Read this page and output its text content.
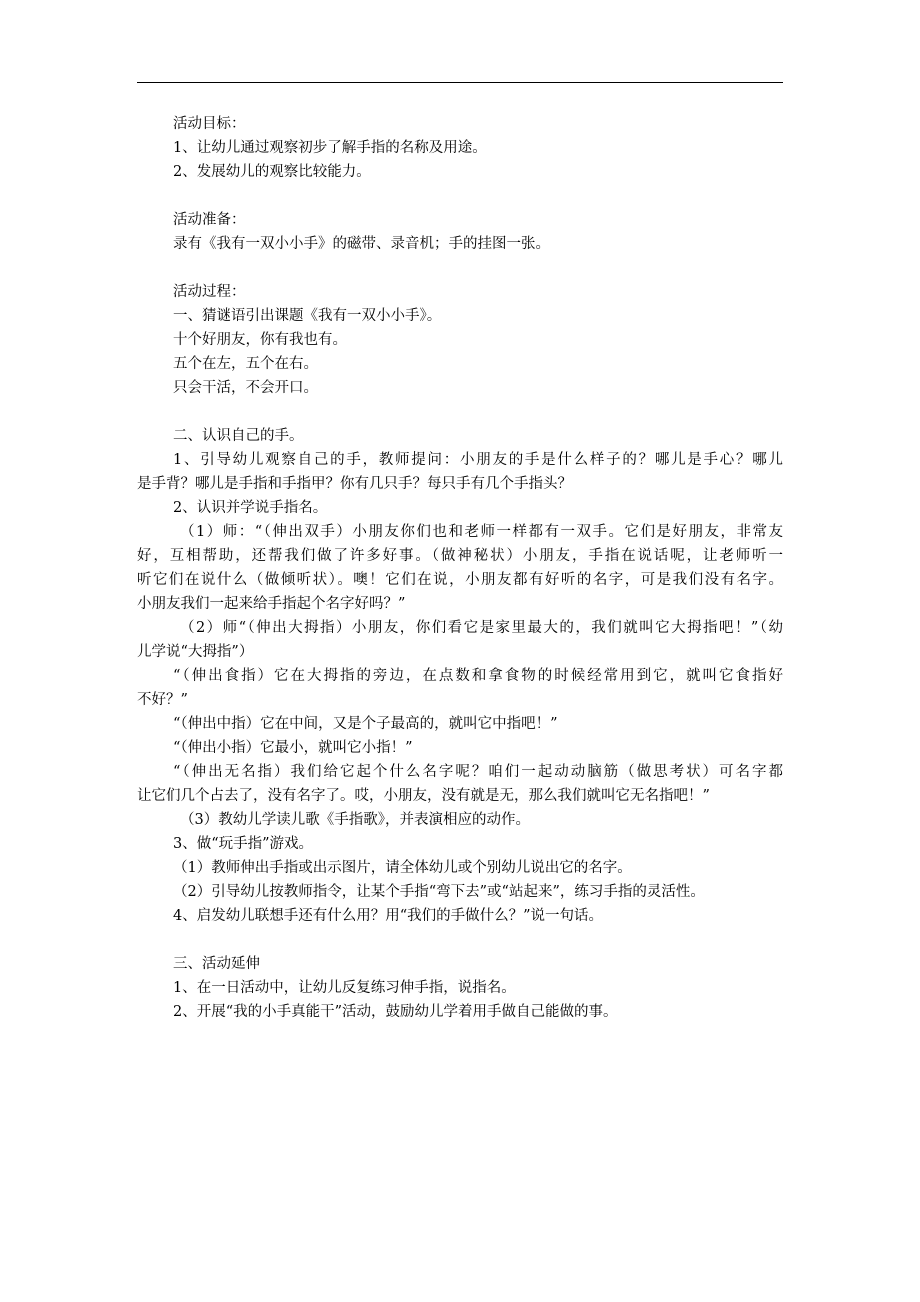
活动目标：
1、让幼儿通过观察初步了解手指的名称及用途。
2、发展幼儿的观察比较能力。
活动准备：
录有《我有一双小小手》的磁带、录音机；手的挂图一张。
活动过程：
一、猜谜语引出课题《我有一双小小手》。
十个好朋友，你有我也有。
五个在左，五个在右。
只会干活，不会开口。
二、认识自己的手。
1、引导幼儿观察自己的手，教师提问：小朋友的手是什么样子的？哪儿是手心？哪儿
是手背？哪儿是手指和手指甲？你有几只手？每只手有几个手指头？
2、认识并学说手指名。
（1）师：“（伸出双手）小朋友你们也和老师一样都有一双手。它们是好朋友，非常友
好，互相帮助，还帮我们做了许多好事。（做神秘状）小朋友，手指在说话呢，让老师听一
听它们在说什么（做倾听状）。噢！它们在说，小朋友都有好听的名字，可是我们没有名字。
小朋友我们一起来给手指起个名字好吗？”
（2）师“（伸出大拇指）小朋友，你们看它是家里最大的，我们就叫它大拇指吧！”（幼
儿学说“大拇指”）
“（伸出食指）它在大拇指的旁边，在点数和拿食物的时候经常用到它，就叫它食指好
不好？”
“（伸出中指）它在中间，又是个子最高的，就叫它中指吧！”
“（伸出小指）它最小，就叫它小指！”
“（伸出无名指）我们给它起个什么名字呢？咱们一起动动脑筋（做思考状）可名字都
让它们几个占去了，没有名字了。哎，小朋友，没有就是无，那么我们就叫它无名指吧！”
（3）教幼儿学读儿歌《手指歌》，并表演相应的动作。
3、做“玩手指”游戏。
（1）教师伸出手指或出示图片，请全体幼儿或个别幼儿说出它的名字。
（2）引导幼儿按教师指令，让某个手指“弯下去”或“站起来”，练习手指的灵活性。
4、启发幼儿联想手还有什么用？用“我们的手做什么？”说一句话。
三、活动延伸
1、在一日活动中，让幼儿反复练习伸手指，说指名。
2、开展“我的小手真能干”活动，鼓励幼儿学着用手做自己能做的事。
